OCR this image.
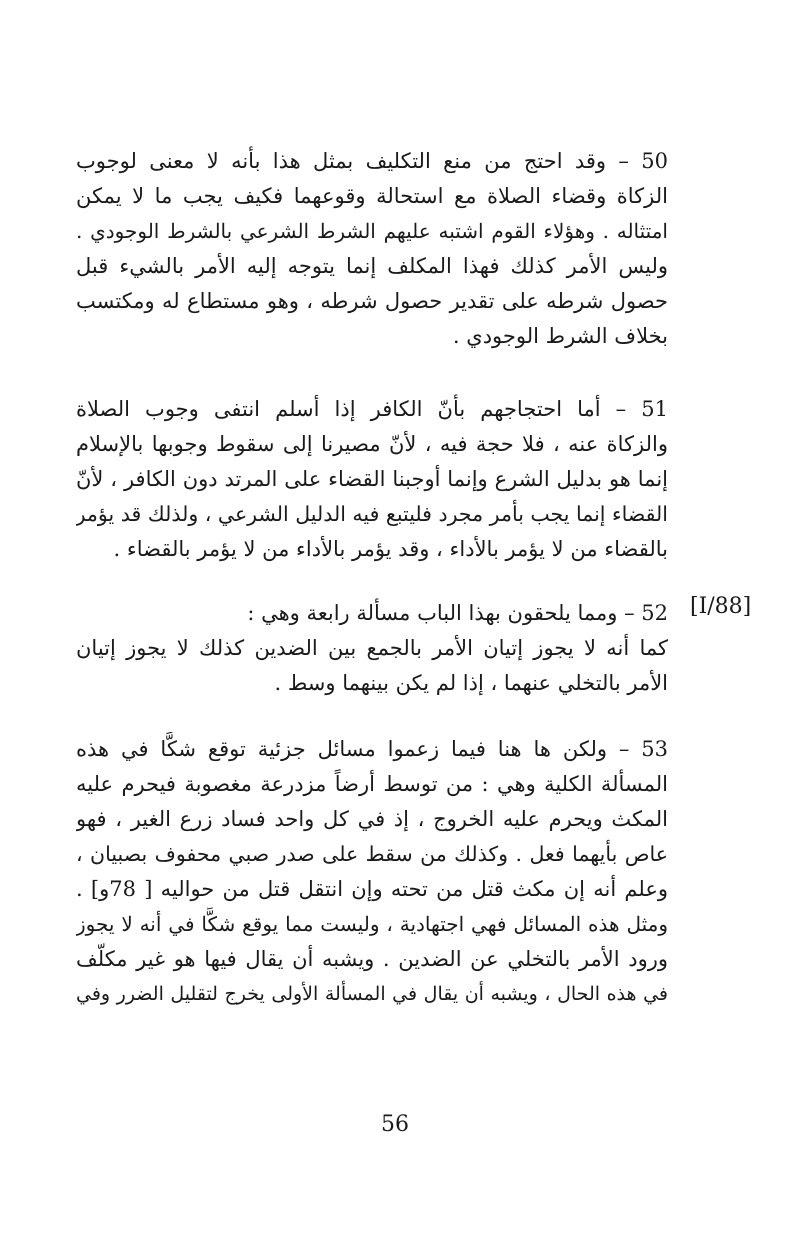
50 – وقد احتج من منع التكليف بمثل هذا بأنه لا معنى لوجوب
الزكاة وقضاء الصلاة مع استحالة وقوعهما فكيف يجب ما لا يمكن
امتثاله . وهؤلاء القوم اشتبه عليهم الشرط الشرعي بالشرط الوجودي .
وليس الأمر كذلك فهذا المكلف إنما يتوجه إليه الأمر بالشيء قبل
حصول شرطه على تقدير حصول شرطه ، وهو مستطاع له ومكتسب
بخلاف الشرط الوجودي .
51 – أما احتجاجهم بأنّ الكافر إذا أسلم انتفى وجوب الصلاة
والزكاة عنه ، فلا حجة فيه ، لأنّ مصيرنا إلى سقوط وجوبها بالإسلام
إنما هو بدليل الشرع وإنما أوجبنا القضاء على المرتد دون الكافر ، لأنّ
القضاء إنما يجب بأمر مجرد فليتبع فيه الدليل الشرعي ، ولذلك قد يؤمر
بالقضاء من لا يؤمر بالأداء ، وقد يؤمر بالأداء من لا يؤمر بالقضاء .
52 – ومما يلحقون بهذا الباب مسألة رابعة وهي :
كما أنه لا يجوز إتيان الأمر بالجمع بين الضدين كذلك لا يجوز إتيان
الأمر بالتخلي عنهما ، إذا لم يكن بينهما وسط .
53 – ولكن ها هنا فيما زعموا مسائل جزئية توقع شكًّا في هذه
المسألة الكلية وهي : من توسط أرضاً مزدرعة مغصوبة فيحرم عليه
المكث ويحرم عليه الخروج ، إذ في كل واحد فساد زرع الغير ، فهو
عاص بأيهما فعل . وكذلك من سقط على صدر صبي محفوف بصبيان ،
وعلم أنه إن مكث قتل من تحته وإن انتقل قتل من حواليه [ 78و] .
ومثل هذه المسائل فهي اجتهادية ، وليست مما يوقع شكًّا في أنه لا يجوز
ورود الأمر بالتخلي عن الضدين . ويشبه أن يقال فيها هو غير مكلّف
في هذه الحال ، ويشبه أن يقال في المسألة الأولى يخرج لتقليل الضرر وفي
[I/88]
56
